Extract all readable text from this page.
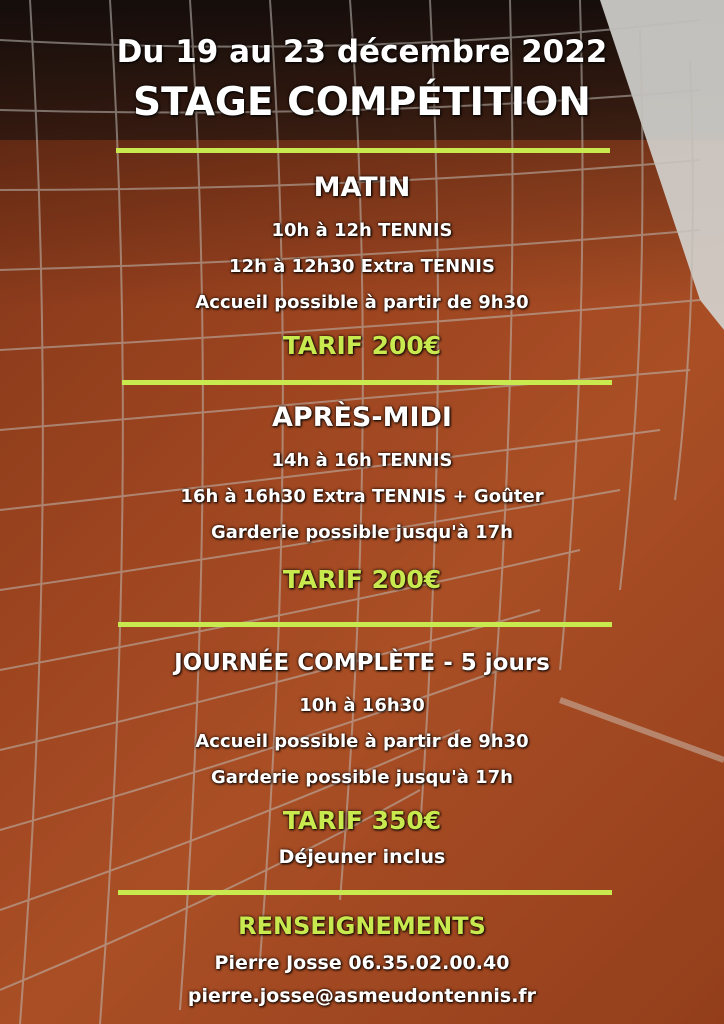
Du 19 au 23 décembre 2022
STAGE COMPÉTITION
MATIN
10h à 12h TENNIS
12h à 12h30 Extra TENNIS
Accueil possible à partir de 9h30
TARIF 200€
APRÈS-MIDI
14h à 16h TENNIS
16h à 16h30 Extra TENNIS + Goûter
Garderie possible jusqu'à 17h
TARIF 200€
JOURNÉE COMPLÈTE - 5 jours
10h à 16h30
Accueil possible à partir de 9h30
Garderie possible jusqu'à 17h
TARIF 350€
Déjeuner inclus
RENSEIGNEMENTS
Pierre Josse 06.35.02.00.40
pierre.josse@asmeudontennis.fr
